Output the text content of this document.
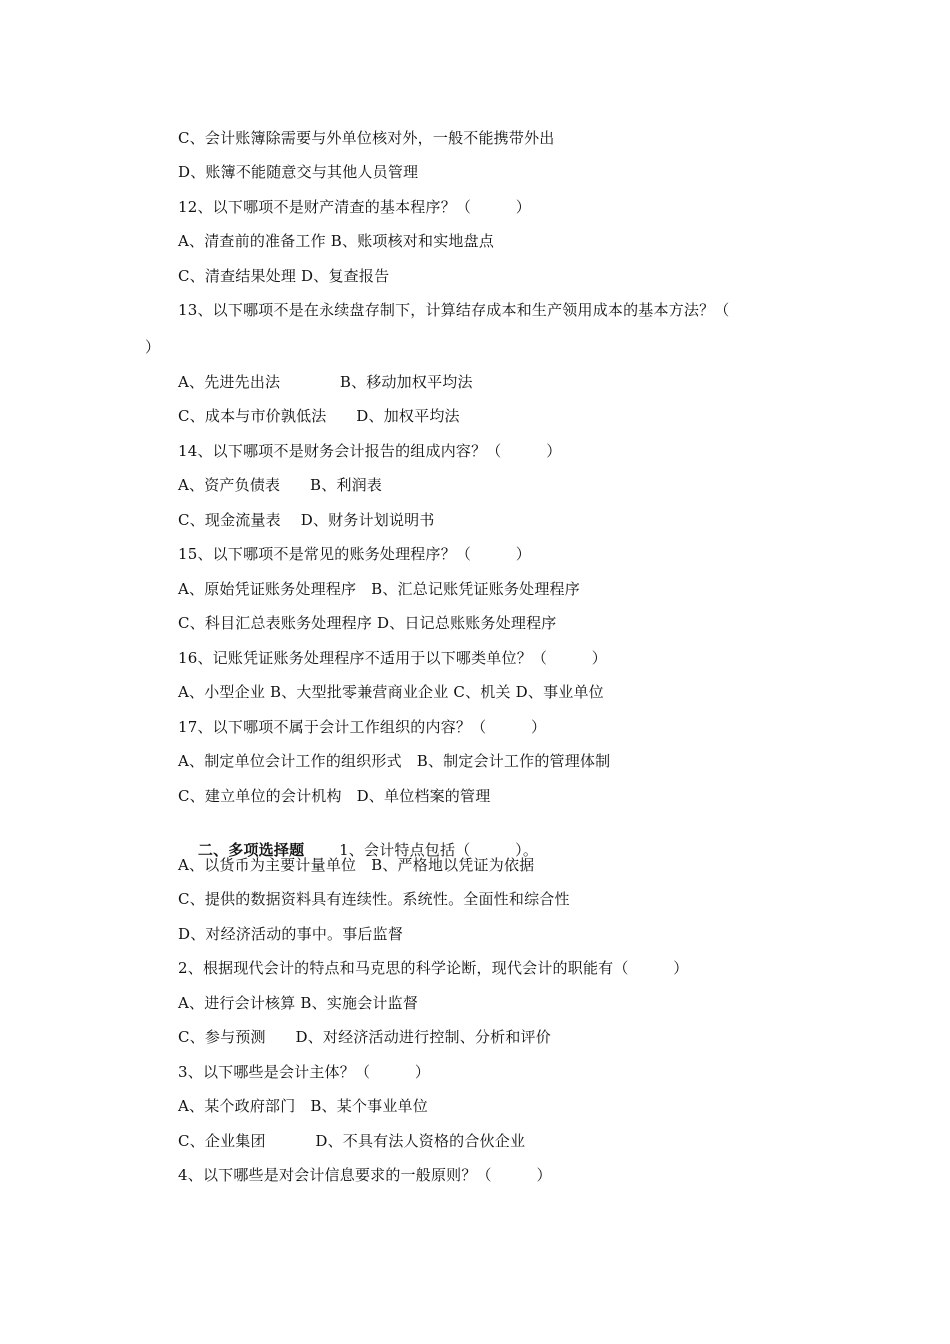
C、会计账簿除需要与外单位核对外，一般不能携带外出
D、账簿不能随意交与其他人员管理
12、以下哪项不是财产清查的基本程序？（         ）
A、清查前的准备工作 B、账项核对和实地盘点
C、清查结果处理 D、复查报告
13、以下哪项不是在永续盘存制下，计算结存成本和生产领用成本的基本方法？（
）
A、先进先出法            B、移动加权平均法
C、成本与市价孰低法      D、加权平均法
14、以下哪项不是财务会计报告的组成内容？（         ）
A、资产负债表      B、利润表
C、现金流量表    D、财务计划说明书
15、以下哪项不是常见的账务处理程序？（         ）
A、原始凭证账务处理程序   B、汇总记账凭证账务处理程序
C、科目汇总表账务处理程序 D、日记总账账务处理程序
16、记账凭证账务处理程序不适用于以下哪类单位？（         ）
A、小型企业 B、大型批零兼营商业企业 C、机关 D、事业单位
17、以下哪项不属于会计工作组织的内容？（         ）
A、制定单位会计工作的组织形式   B、制定会计工作的管理体制
C、建立单位的会计机构   D、单位档案的管理

二、多项选择题 1、会计特点包括（         ）。

A、以货币为主要计量单位   B、严格地以凭证为依据
C、提供的数据资料具有连续性。系统性。全面性和综合性
D、对经济活动的事中。事后监督
2、根据现代会计的特点和马克思的科学论断，现代会计的职能有（         ）
A、进行会计核算 B、实施会计监督
C、参与预测      D、对经济活动进行控制、分析和评价
3、以下哪些是会计主体？（         ）
A、某个政府部门   B、某个事业单位
C、企业集团          D、不具有法人资格的合伙企业
4、以下哪些是对会计信息要求的一般原则？（         ）
